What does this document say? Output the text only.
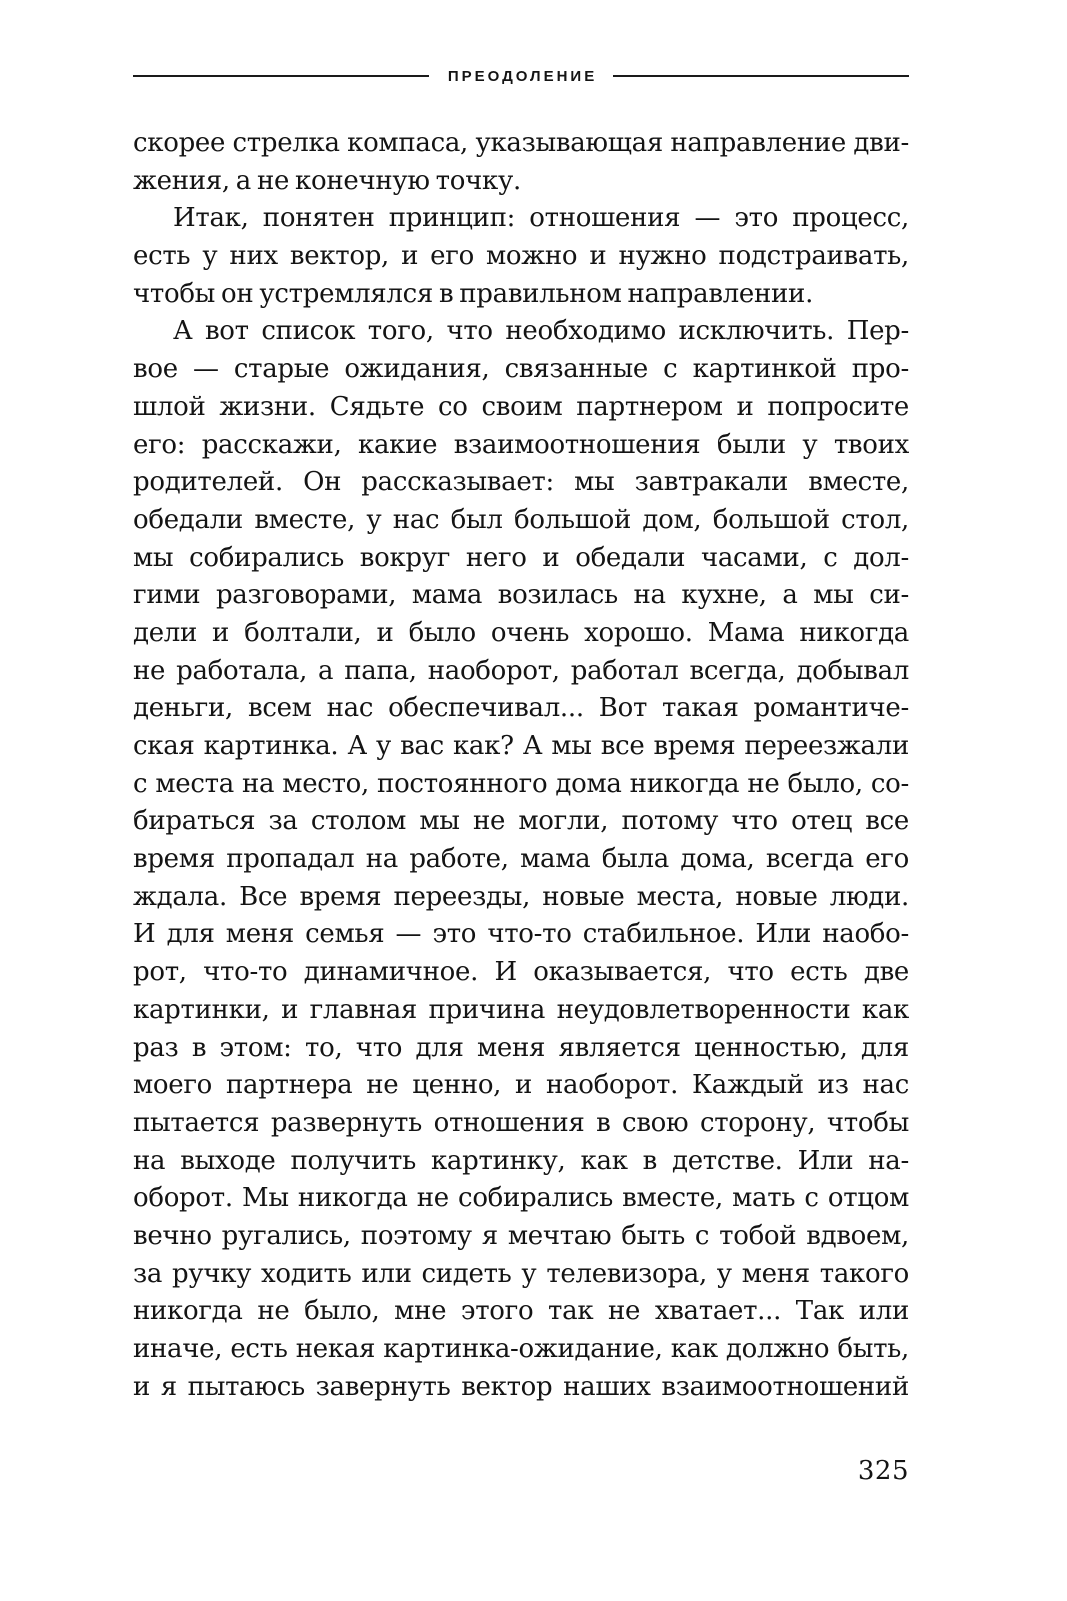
ПРЕОДОЛЕНИЕ
скорее стрелка компаса, указывающая направление дви-
жения, а не конечную точку.
Итак, понятен принцип: отношения — это процесс,
есть у них вектор, и его можно и нужно подстраивать,
чтобы он устремлялся в правильном направлении.
А вот список того, что необходимо исключить. Пер-
вое — старые ожидания, связанные с картинкой про-
шлой жизни. Сядьте со своим партнером и попросите
его: расскажи, какие взаимоотношения были у твоих
родителей. Он рассказывает: мы завтракали вместе,
обедали вместе, у нас был большой дом, большой стол,
мы собирались вокруг него и обедали часами, с дол-
гими разговорами, мама возилась на кухне, а мы си-
дели и болтали, и было очень хорошо. Мама никогда
не работала, а папа, наоборот, работал всегда, добывал
деньги, всем нас обеспечивал... Вот такая романтиче-
ская картинка. А у вас как? А мы все время переезжали
с места на место, постоянного дома никогда не было, со-
бираться за столом мы не могли, потому что отец все
время пропадал на работе, мама была дома, всегда его
ждала. Все время переезды, новые места, новые люди.
И для меня семья — это что-то стабильное. Или наобо-
рот, что-то динамичное. И оказывается, что есть две
картинки, и главная причина неудовлетворенности как
раз в этом: то, что для меня является ценностью, для
моего партнера не ценно, и наоборот. Каждый из нас
пытается развернуть отношения в свою сторону, чтобы
на выходе получить картинку, как в детстве. Или на-
оборот. Мы никогда не собирались вместе, мать с отцом
вечно ругались, поэтому я мечтаю быть с тобой вдвоем,
за ручку ходить или сидеть у телевизора, у меня такого
никогда не было, мне этого так не хватает... Так или
иначе, есть некая картинка-ожидание, как должно быть,
и я пытаюсь завернуть вектор наших взаимоотношений
325
